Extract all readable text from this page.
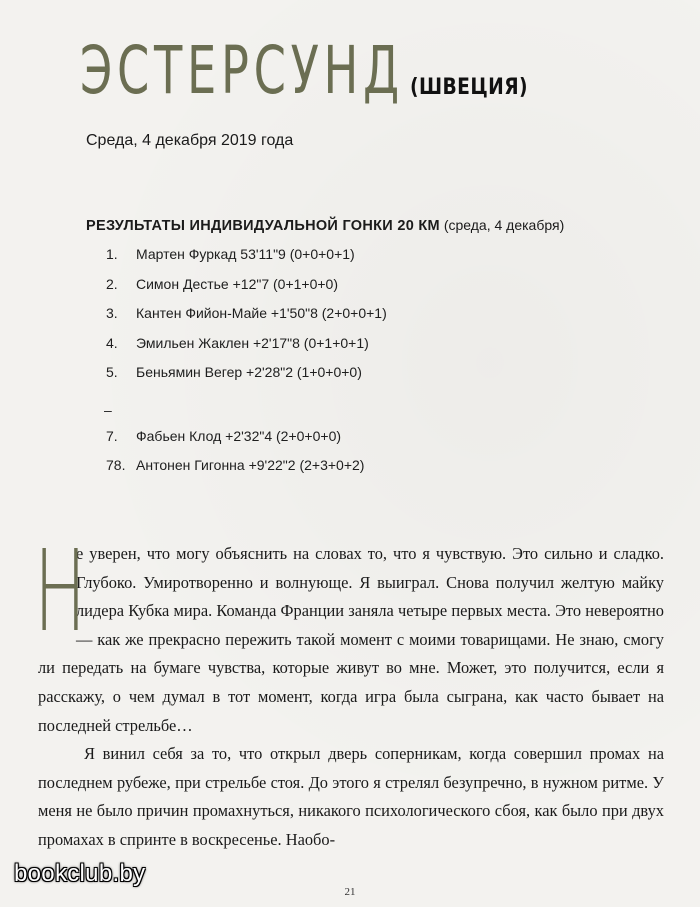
ЭСТЕРСУНД (ШВЕЦИЯ)
Среда, 4 декабря 2019 года
РЕЗУЛЬТАТЫ ИНДИВИДУАЛЬНОЙ ГОНКИ 20 КМ (среда, 4 декабря)
1.	Мартен Фуркад 53'11"9 (0+0+0+1)
2.	Симон Дестье +12"7 (0+1+0+0)
3.	Кантен Фийон-Майе +1'50"8 (2+0+0+1)
4.	Эмильен Жаклен +2'17"8 (0+1+0+1)
5.	Беньямин Вегер +2'28"2 (1+0+0+0)
–
7.	Фабьен Клод +2'32"4 (2+0+0+0)
78. Антонен Гигонна +9'22"2 (2+3+0+2)

Н
е уверен, что могу объяснить на словах то, что я чувствую. Это сильно и сладко. Глубоко. Умиротворенно и волнующе. Я выиграл. Снова получил желтую майку лидера Кубка мира. Команда Франции заняла четыре первых места. Это невероятно — как же прекрасно пережить такой момент с моими товарищами. Не знаю, смогу ли передать на бумаге чувства, которые живут во мне. Может, это получится, если я расскажу, о чем думал в тот момент, когда игра была сыграна, как часто бывает на последней стрельбе…

Я винил себя за то, что открыл дверь соперникам, когда совершил промах на последнем рубеже, при стрельбе стоя. До этого я стрелял безупречно, в нужном ритме. У меня не было причин промахнуться, никакого психологического сбоя, как было при двух промахах в спринте в воскресенье. Наобо-

bookclub.by
21
